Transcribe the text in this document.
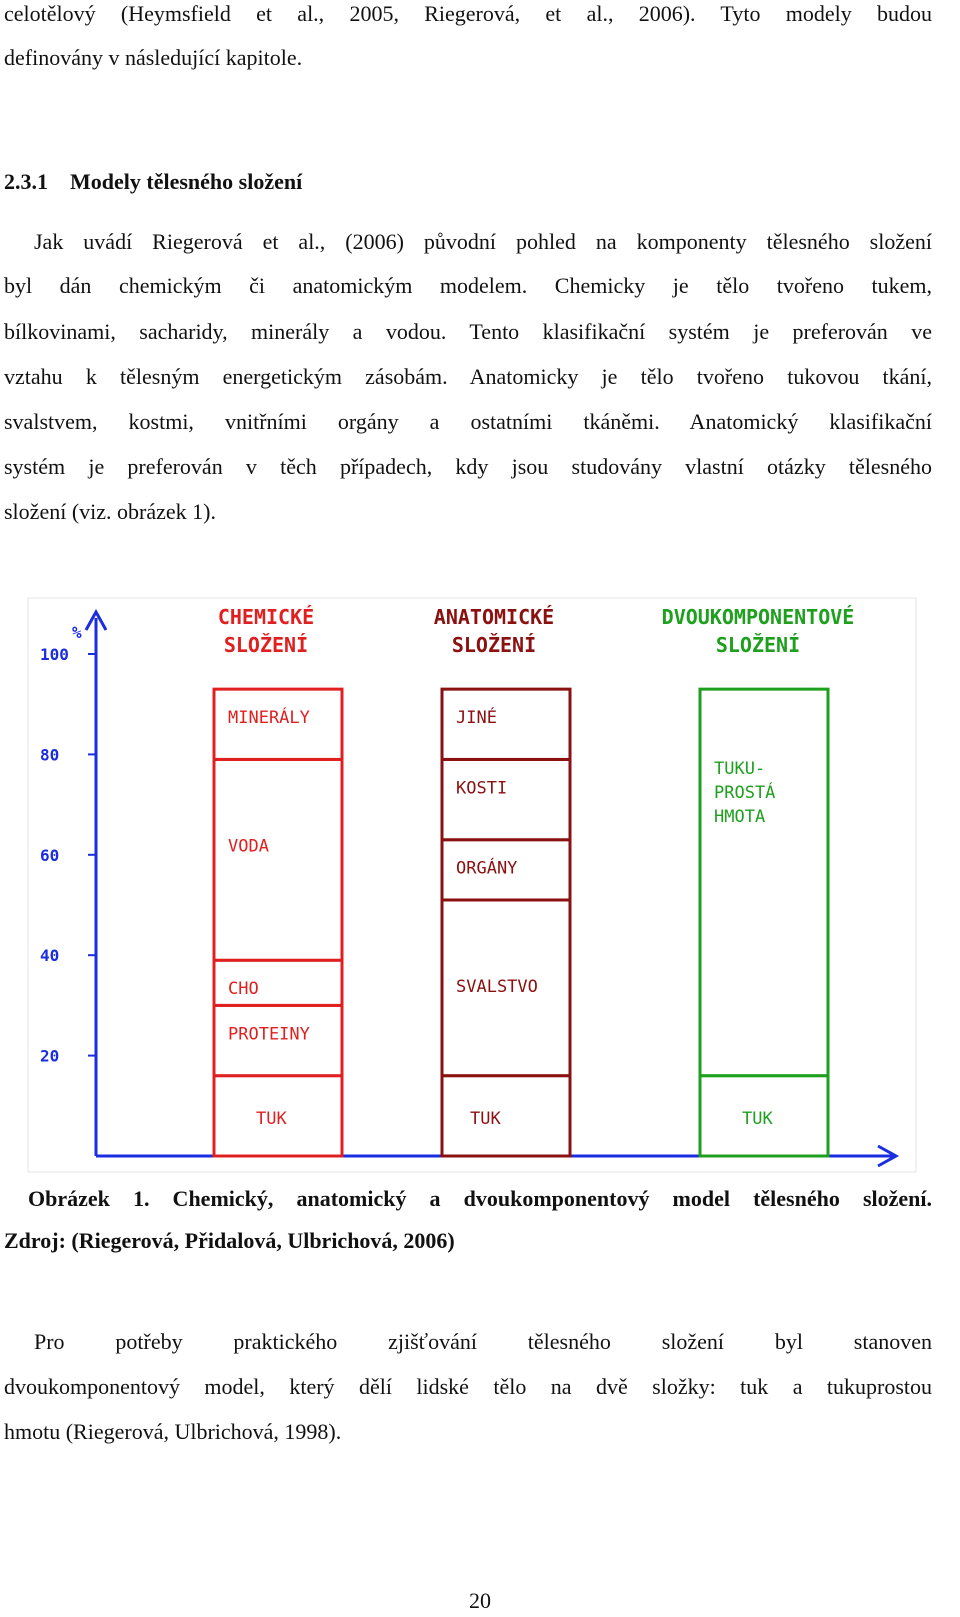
celotělový (Heymsfield et al., 2005, Riegerová, et al., 2006). Tyto modely budou
definovány v následující kapitole.
2.3.1 Modely tělesného složení
Jak uvádí Riegerová et al., (2006) původní pohled na komponenty tělesného složení
byl dán chemickým či anatomickým modelem. Chemicky je tělo tvořeno tukem,
bílkovinami, sacharidy, minerály a vodou. Tento klasifikační systém je preferován ve
vztahu k tělesným energetickým zásobám. Anatomicky je tělo tvořeno tukovou tkání,
svalstvem, kostmi, vnitřními orgány a ostatními tkáněmi. Anatomický klasifikační
systém je preferován v těch případech, kdy jsou studovány vlastní otázky tělesného
složení (viz. obrázek 1).
%
20
40
60
80
100
CHEMICKÉ
SLOŽENÍ
TUK
PROTEINY
CHO
VODA
MINERÁLY
ANATOMICKÉ
SLOŽENÍ
TUK
SVALSTVO
ORGÁNY
KOSTI
JINÉ
DVOUKOMPONENTOVÉ
SLOŽENÍ
TUK
TUKU-
PROSTÁ
HMOTA
Obrázek 1. Chemický, anatomický a dvoukomponentový model tělesného složení.
Zdroj: (Riegerová, Přidalová, Ulbrichová, 2006)
Pro potřeby praktického zjišťování tělesného složení byl stanoven
dvoukomponentový model, který dělí lidské tělo na dvě složky: tuk a tukuprostou
hmotu (Riegerová, Ulbrichová, 1998).
20
